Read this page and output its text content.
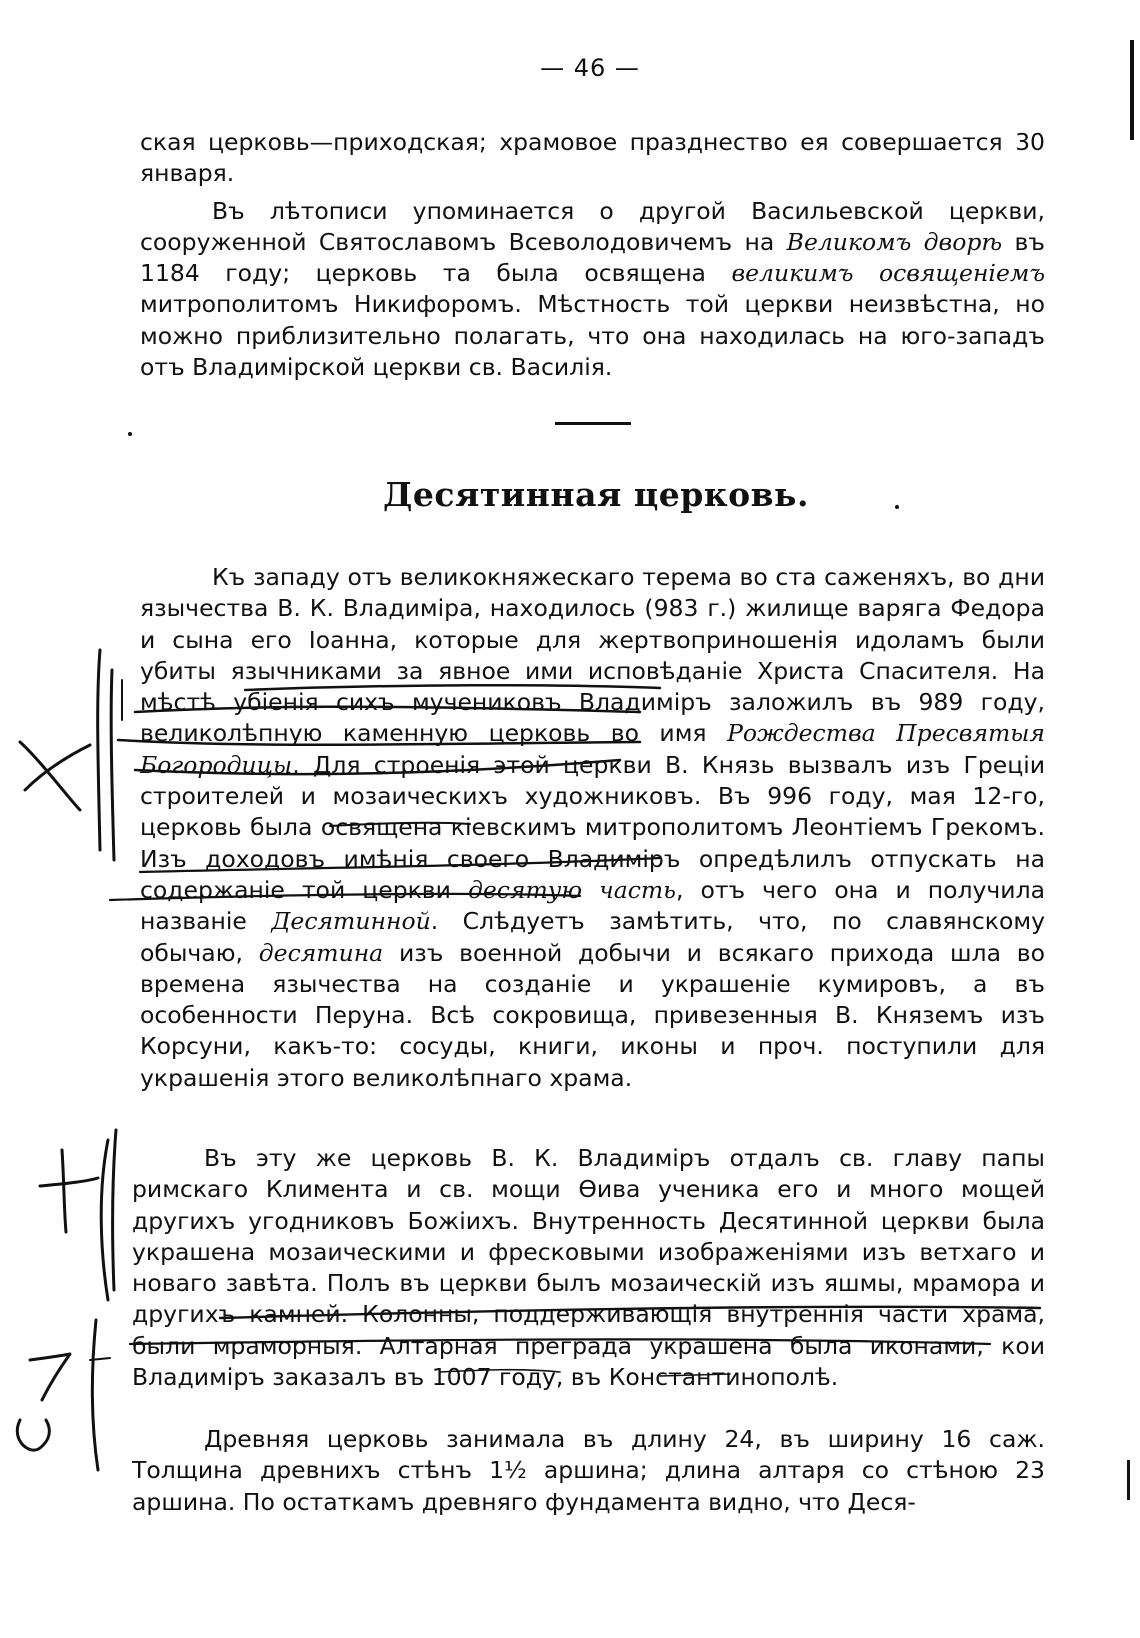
— 46 —

ская церковь—приходская; храмовое празднество ея совершается 30 января.

Въ лѣтописи упоминается о другой Васильевской церкви, сооруженной Святославомъ Всеволодовичемъ на Великомъ дворѣ въ 1184 году; церковь та была освящена великимъ освященіемъ митрополитомъ Никифоромъ. Мѣстность той церкви неизвѣстна, но можно приблизительно полагать, что она находилась на юго-западъ отъ Владимірской церкви св. Василія.

Десятинная церковь.

Къ западу отъ великокняжескаго терема во ста саженяхъ, во дни язычества В. К. Владиміра, находилось (983 г.) жилище варяга Федора и сына его Іоанна, которые для жертвоприношенія идоламъ были убиты язычниками за явное ими исповѣданіе Христа Спасителя. На мѣстѣ убіенія сихъ мучениковъ Владиміръ заложилъ въ 989 году, великолѣпную каменную церковь во имя Рождества Пресвятыя Богородицы. Для строенія этой церкви В. Князь вызвалъ изъ Греціи строителей и мозаическихъ художниковъ. Въ 996 году, мая 12-го, церковь была освящена кіевскимъ митрополитомъ Леонтіемъ Грекомъ. Изъ доходовъ имѣнія своего Владиміръ опредѣлилъ отпускать на содержаніе той церкви десятую часть, отъ чего она и получила названіе Десятинной. Слѣдуетъ замѣтить, что, по славянскому обычаю, десятина изъ военной добычи и всякаго прихода шла во времена язычества на созданіе и украшеніе кумировъ, а въ особенности Перуна. Всѣ сокровища, привезенныя В. Княземъ изъ Корсуни, какъ-то: сосуды, книги, иконы и проч. поступили для украшенія этого великолѣпнаго храма.

Въ эту же церковь В. К. Владиміръ отдалъ св. главу папы римскаго Климента и св. мощи Ѳива ученика его и много мощей другихъ угодниковъ Божіихъ. Внутренность Десятинной церкви была украшена мозаическими и фресковыми изображеніями изъ ветхаго и новаго завѣта. Полъ въ церкви былъ мозаическій изъ яшмы, мрамора и другихъ камней. Колонны, поддерживающія внутреннія части храма, были мраморныя. Алтарная преграда украшена была иконами, кои Владиміръ заказалъ въ 1007 году, въ Константинополѣ.

Древняя церковь занимала въ длину 24, въ ширину 16 саж. Толщина древнихъ стѣнъ 1½ аршина; длина алтаря со стѣною 23 аршина. По остаткамъ древняго фундамента видно, что Деся-
